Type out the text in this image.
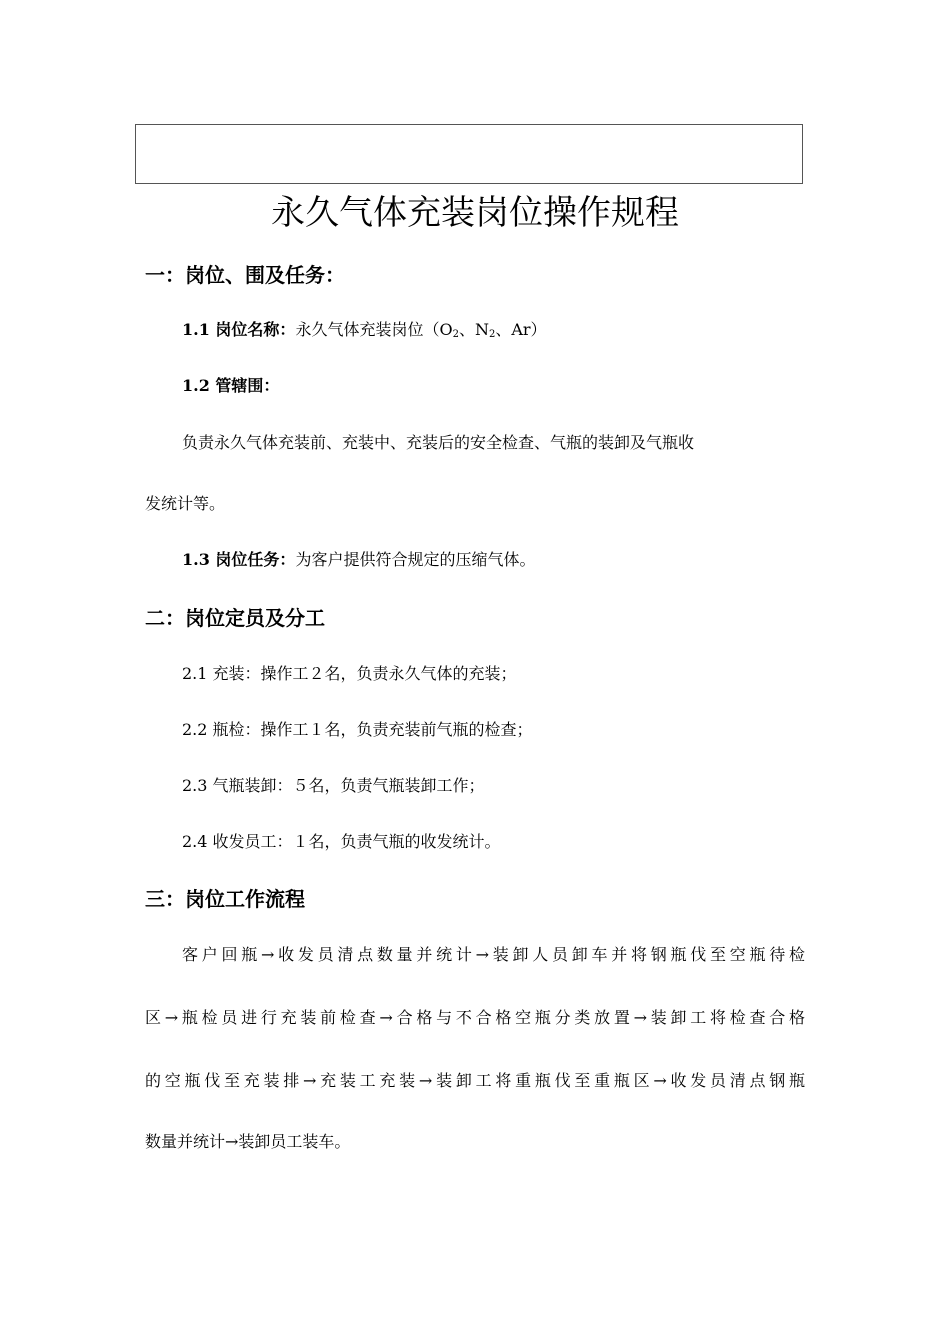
永久气体充装岗位操作规程
一：岗位、围及任务：
1.1 岗位名称：永久气体充装岗位（$O_2$、$N_2$、Ar）
1.2 管辖围：
负责永久气体充装前、充装中、充装后的安全检查、气瓶的装卸及气瓶收
发统计等。
1.3 岗位任务：为客户提供符合规定的压缩气体。
二：岗位定员及分工
2.1 充装：操作工２名，负责永久气体的充装；
2.2 瓶检：操作工１名，负责充装前气瓶的检查；
2.3 气瓶装卸：５名，负责气瓶装卸工作；
2.4 收发员工：１名，负责气瓶的收发统计。
三：岗位工作流程
客户回瓶→收发员清点数量并统计→装卸人员卸车并将钢瓶伐至空瓶待检
区→瓶检员进行充装前检查→合格与不合格空瓶分类放置→装卸工将检查合格
的空瓶伐至充装排→充装工充装→装卸工将重瓶伐至重瓶区→收发员清点钢瓶
数量并统计→装卸员工装车。
